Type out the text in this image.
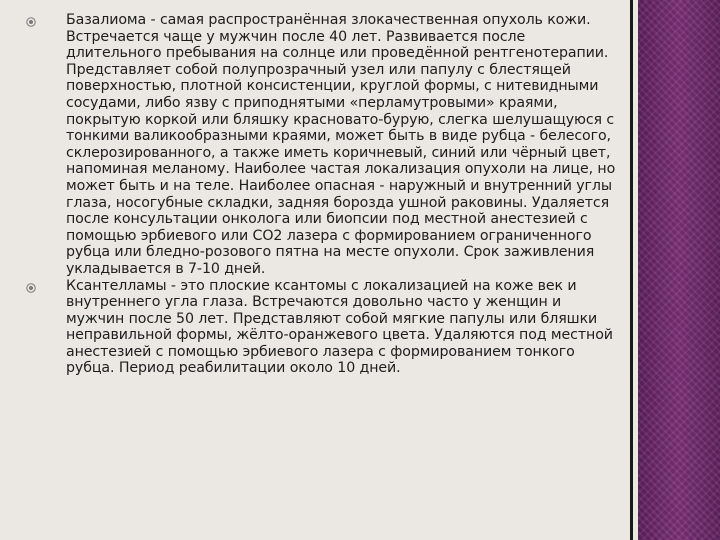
Базалиома - самая распространённая злокачественная опухоль кожи. Встречается чаще у мужчин после 40 лет. Развивается после длительного пребывания на солнце или проведённой рентгенотерапии. Представляет собой полупрозрачный узел или папулу с блестящей поверхностью, плотной консистенции, круглой формы, с нитевидными сосудами, либо язву с приподнятыми «перламутровыми» краями, покрытую коркой или бляшку красновато-бурую, слегка шелушащуюся с тонкими валикообразными краями, может быть в виде рубца - белесого, склерозированного, а также иметь коричневый, синий или чёрный цвет, напоминая меланому. Наиболее частая локализация опухоли на лице, но может быть и на теле. Наиболее опасная - наружный и внутренний углы глаза, носогубные складки, задняя борозда ушной раковины. Удаляется после консультации онколога или биопсии под местной анестезией с помощью эрбиевого или СО2 лазера с формированием ограниченного рубца или бледно-розового пятна на месте опухоли. Срок заживления укладывается в 7-10 дней.
Ксантелламы - это плоские ксантомы с локализацией на коже век и внутреннего угла глаза. Встречаются довольно часто у женщин и мужчин после 50 лет. Представляют собой мягкие папулы или бляшки неправильной формы, жёлто-оранжевого цвета. Удаляются под местной анестезией с помощью эрбиевого лазера с формированием тонкого рубца. Период реабилитации около 10 дней.
